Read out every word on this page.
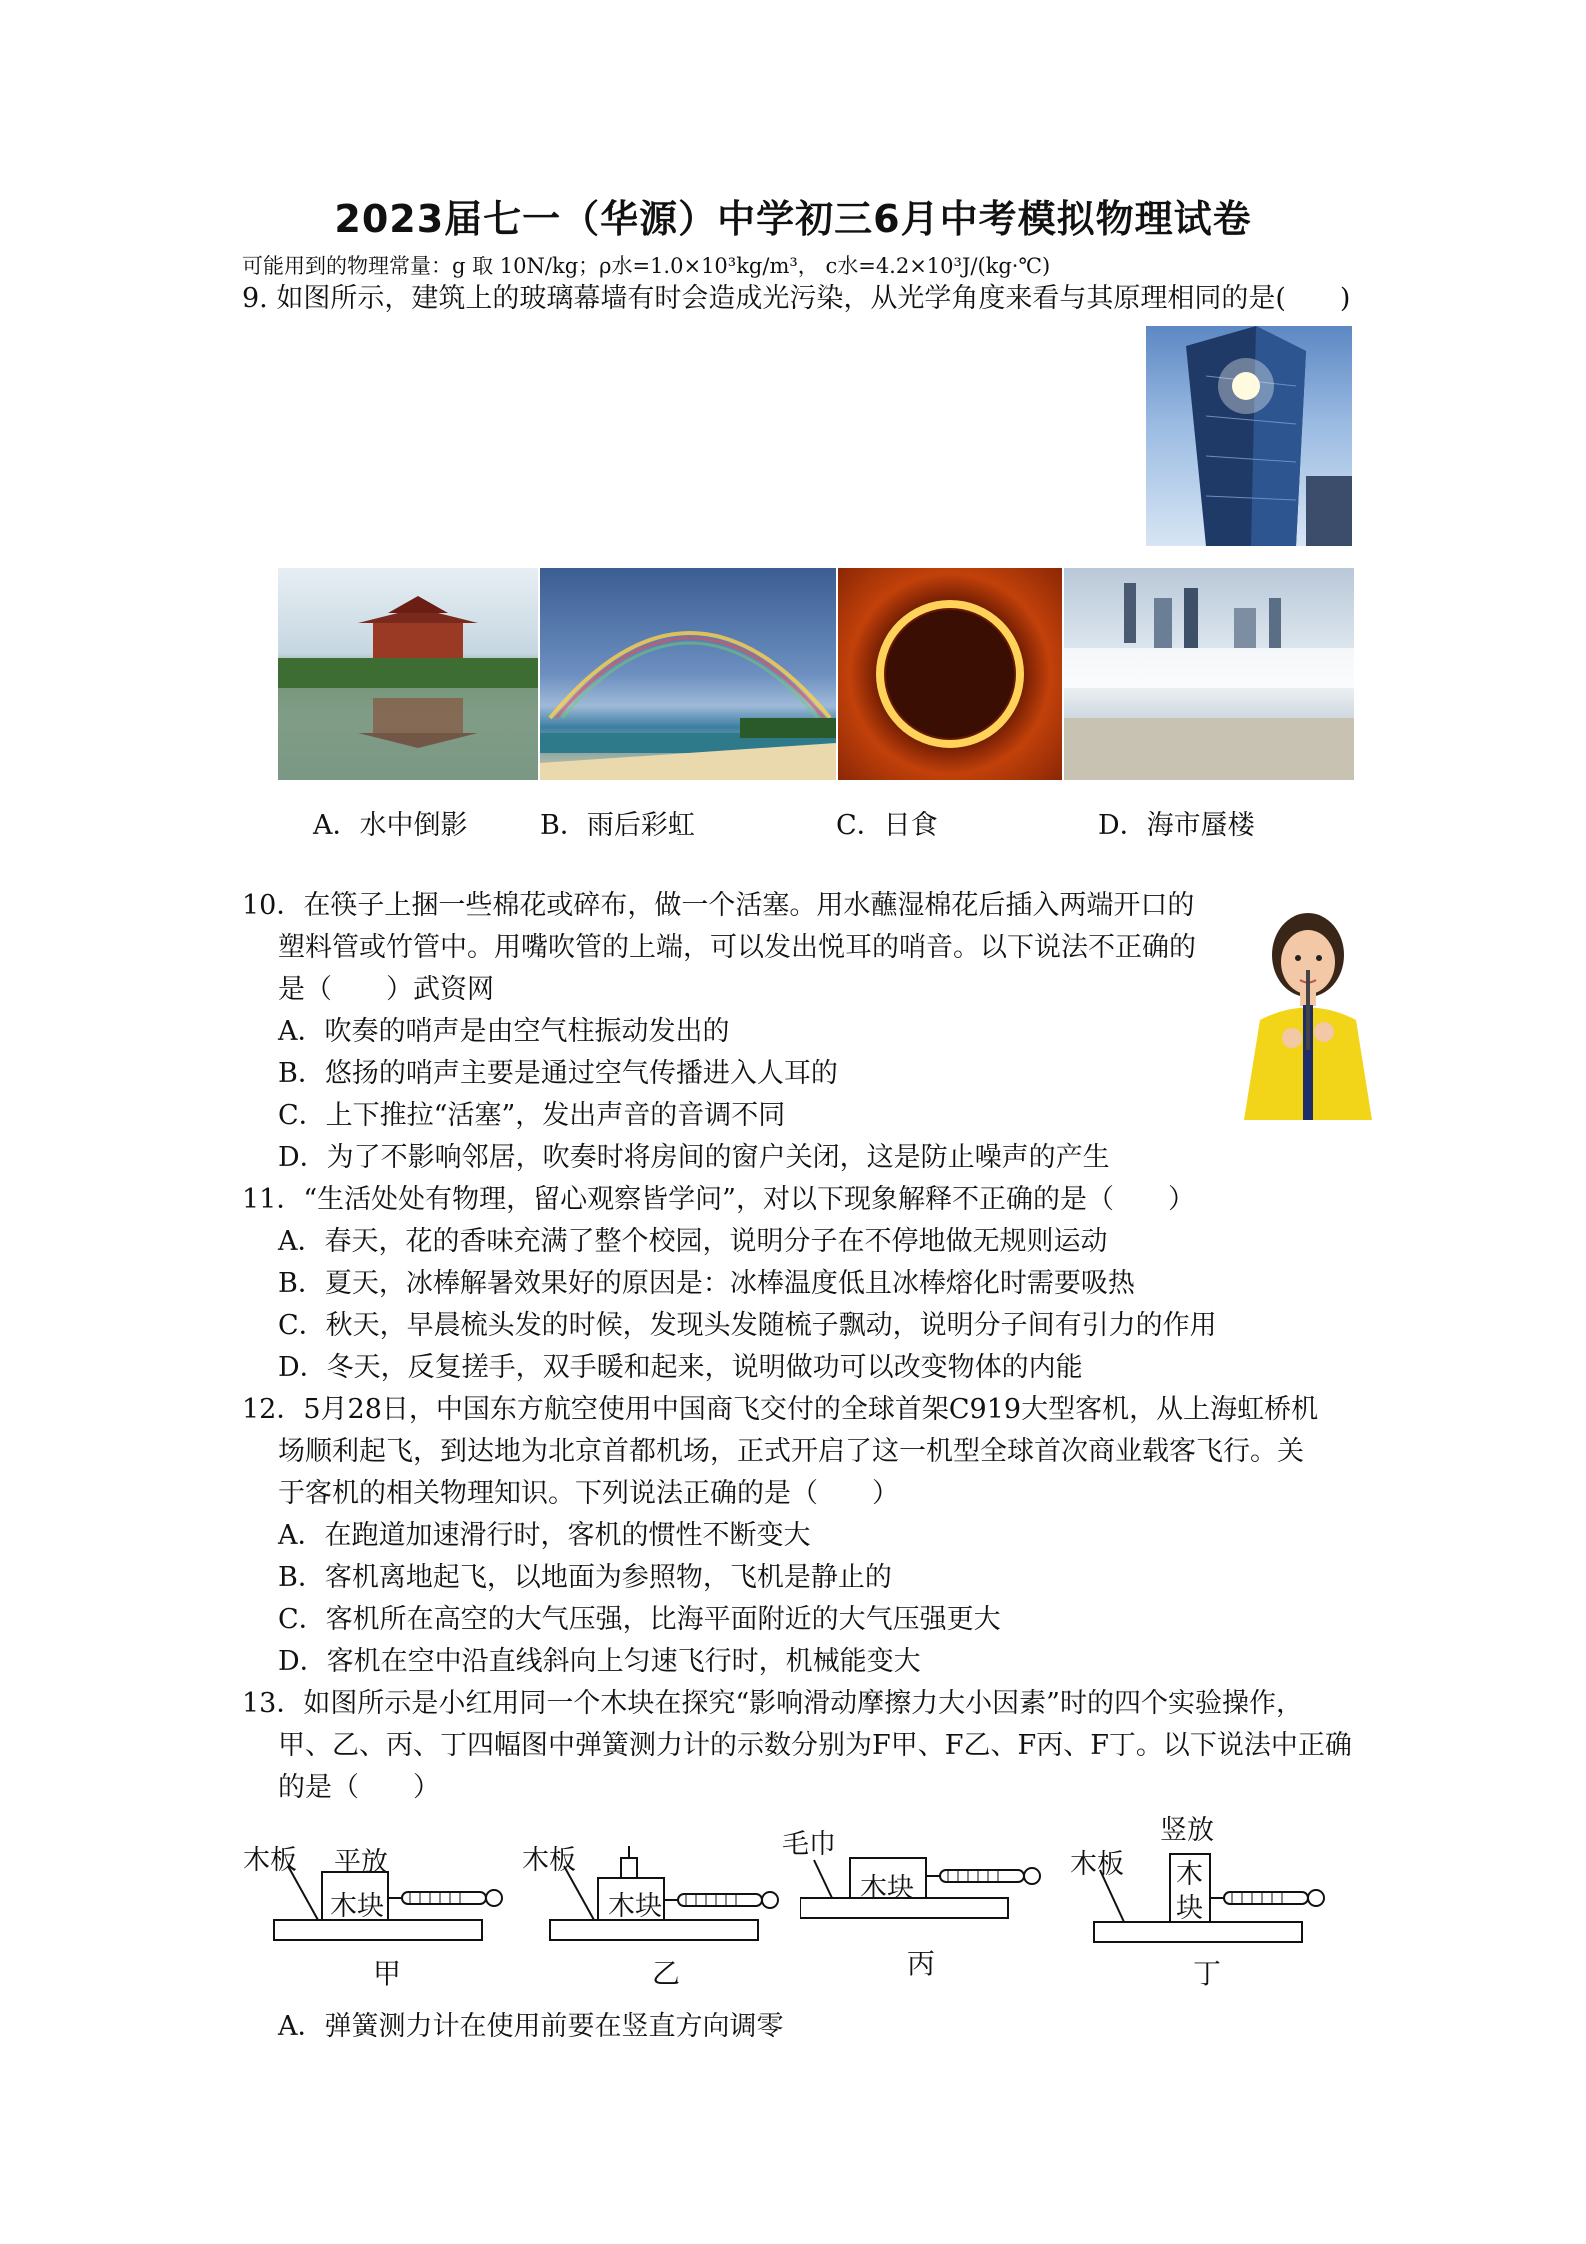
2023届七一（华源）中学初三6月中考模拟物理试卷
可能用到的物理常量：g 取 10N/kg；ρ水=1.0×10³kg/m³， c水=4.2×10³J/(kg·℃)
9. 如图所示，建筑上的玻璃幕墙有时会造成光污染，从光学角度来看与其原理相同的是(　　)
A．水中倒影	B．雨后彩虹	C．日食	D．海市蜃楼
10．在筷子上捆一些棉花或碎布，做一个活塞。用水蘸湿棉花后插入两端开口的
塑料管或竹管中。用嘴吹管的上端，可以发出悦耳的哨音。以下说法不正确的
是（　　）武资网
A．吹奏的哨声是由空气柱振动发出的
B．悠扬的哨声主要是通过空气传播进入人耳的
C．上下推拉“活塞”，发出声音的音调不同
D．为了不影响邻居，吹奏时将房间的窗户关闭，这是防止噪声的产生
11．“生活处处有物理，留心观察皆学问”，对以下现象解释不正确的是（　　）
A．春天，花的香味充满了整个校园，说明分子在不停地做无规则运动
B．夏天，冰棒解暑效果好的原因是：冰棒温度低且冰棒熔化时需要吸热
C．秋天，早晨梳头发的时候，发现头发随梳子飘动，说明分子间有引力的作用
D．冬天，反复搓手，双手暖和起来，说明做功可以改变物体的内能
12．5月28日，中国东方航空使用中国商飞交付的全球首架C919大型客机，从上海虹桥机
场顺利起飞，到达地为北京首都机场，正式开启了这一机型全球首次商业载客飞行。关
于客机的相关物理知识。下列说法正确的是（　　）
A．在跑道加速滑行时，客机的惯性不断变大
B．客机离地起飞，以地面为参照物，飞机是静止的
C．客机所在高空的大气压强，比海平面附近的大气压强更大
D．客机在空中沿直线斜向上匀速飞行时，机械能变大
13．如图所示是小红用同一个木块在探究“影响滑动摩擦力大小因素”时的四个实验操作，
甲、乙、丙、丁四幅图中弹簧测力计的示数分别为F甲、F乙、F丙、F丁。以下说法中正确
的是（　　）
木板 平放
木块
甲
木板
木块
乙
毛巾
木块
丙
木板
竖放
木块
丁
A．弹簧测力计在使用前要在竖直方向调零
